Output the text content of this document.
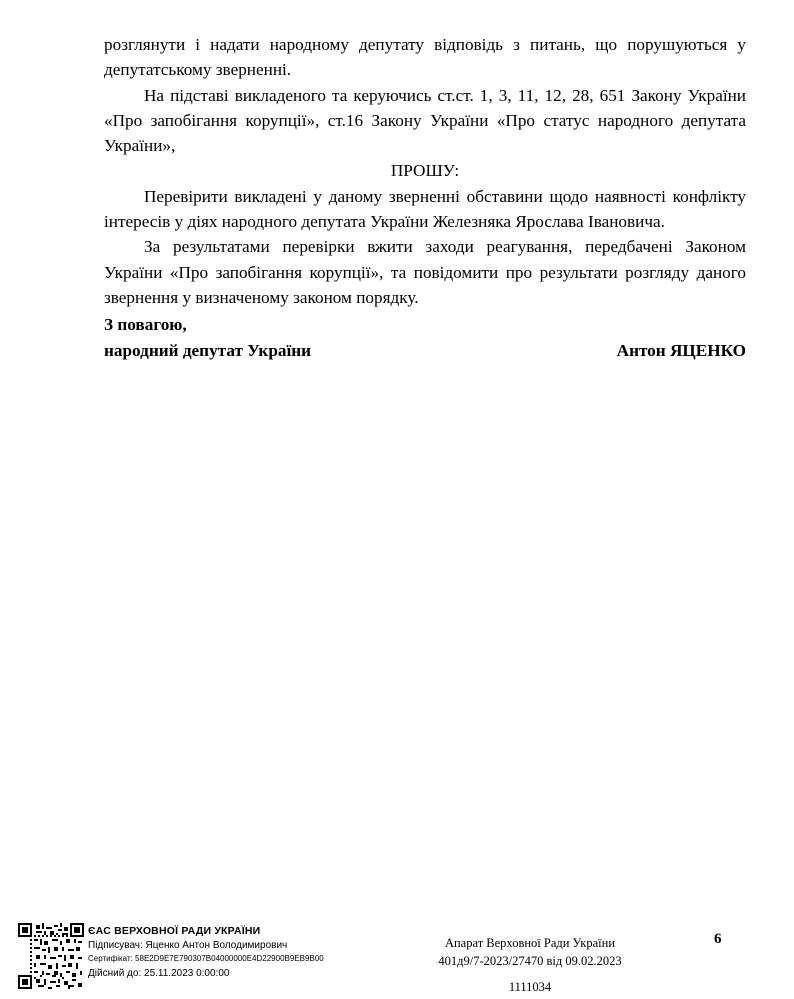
розглянути і надати народному депутату відповідь з питань, що порушуються у депутатському зверненні.

На підставі викладеного та керуючись ст.ст. 1, 3, 11, 12, 28, 651 Закону України «Про запобігання корупції», ст.16 Закону України «Про статус народного депутата України»,

ПРОШУ:

Перевірити викладені у даному зверненні обставини щодо наявності конфлікту інтересів у діях народного депутата України Железняка Ярослава Івановича.

За результатами перевірки вжити заходи реагування, передбачені Законом України «Про запобігання корупції», та повідомити про результати розгляду даного звернення у визначеному законом порядку.

З повагою,
народний депутат України	Антон ЯЦЕНКО
ЄАС ВЕРХОВНОЇ РАДИ УКРАЇНИ
Підписувач: Яценко Антон Володимирович
Сертифікат: 58E2D9E7E790307B04000000E4D22900B9EB9B00
Дійсний до: 25.11.2023 0:00:00
Апарат Верховної Ради України
401д9/7-2023/27470 від 09.02.2023
1111034
6
